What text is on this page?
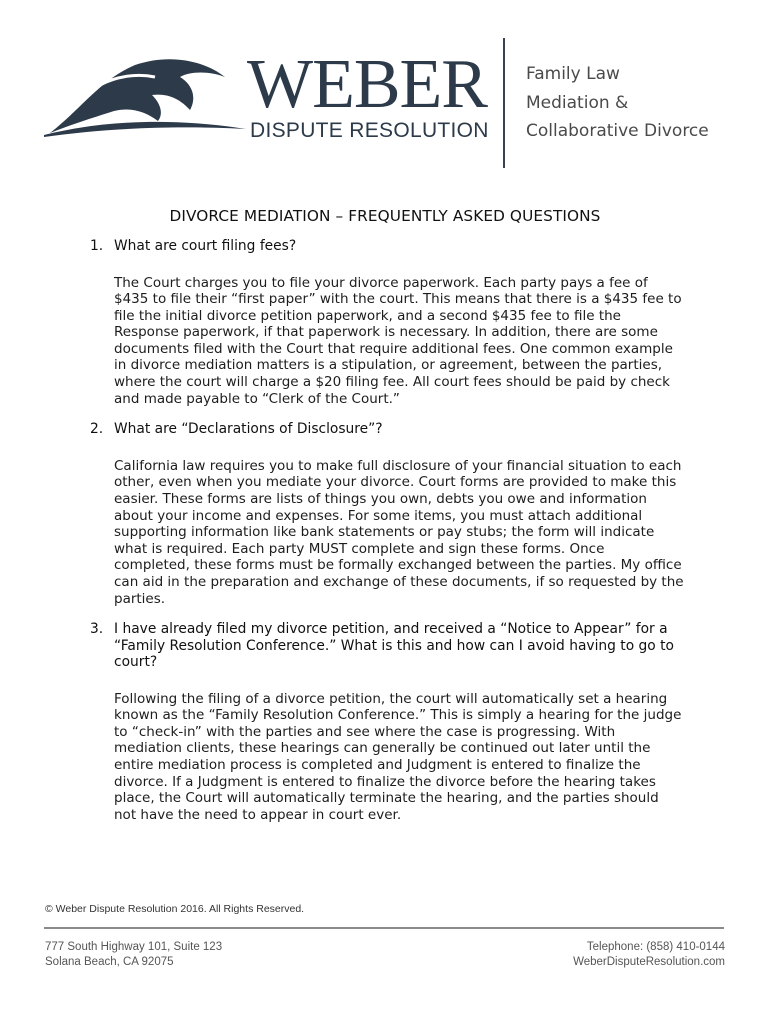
WEBER
DISPUTE RESOLUTION
Family Law
Mediation &
Collaborative Divorce
DIVORCE MEDIATION – FREQUENTLY ASKED QUESTIONS
1. What are court filing fees?
The Court charges you to file your divorce paperwork. Each party pays a fee of $435 to file their “first paper” with the court. This means that there is a $435 fee to file the initial divorce petition paperwork, and a second $435 fee to file the Response paperwork, if that paperwork is necessary. In addition, there are some documents filed with the Court that require additional fees. One common example in divorce mediation matters is a stipulation, or agreement, between the parties, where the court will charge a $20 filing fee. All court fees should be paid by check and made payable to “Clerk of the Court.”
2. What are “Declarations of Disclosure”?
California law requires you to make full disclosure of your financial situation to each other, even when you mediate your divorce. Court forms are provided to make this easier. These forms are lists of things you own, debts you owe and information about your income and expenses. For some items, you must attach additional supporting information like bank statements or pay stubs; the form will indicate what is required. Each party MUST complete and sign these forms. Once completed, these forms must be formally exchanged between the parties. My office can aid in the preparation and exchange of these documents, if so requested by the parties.
3. I have already filed my divorce petition, and received a “Notice to Appear” for a “Family Resolution Conference.” What is this and how can I avoid having to go to court?
Following the filing of a divorce petition, the court will automatically set a hearing known as the “Family Resolution Conference.” This is simply a hearing for the judge to “check-in” with the parties and see where the case is progressing. With mediation clients, these hearings can generally be continued out later until the entire mediation process is completed and Judgment is entered to finalize the divorce. If a Judgment is entered to finalize the divorce before the hearing takes place, the Court will automatically terminate the hearing, and the parties should not have the need to appear in court ever.
© Weber Dispute Resolution 2016. All Rights Reserved.
777 South Highway 101, Suite 123
Solana Beach, CA 92075
Telephone: (858) 410-0144
WeberDisputeResolution.com
